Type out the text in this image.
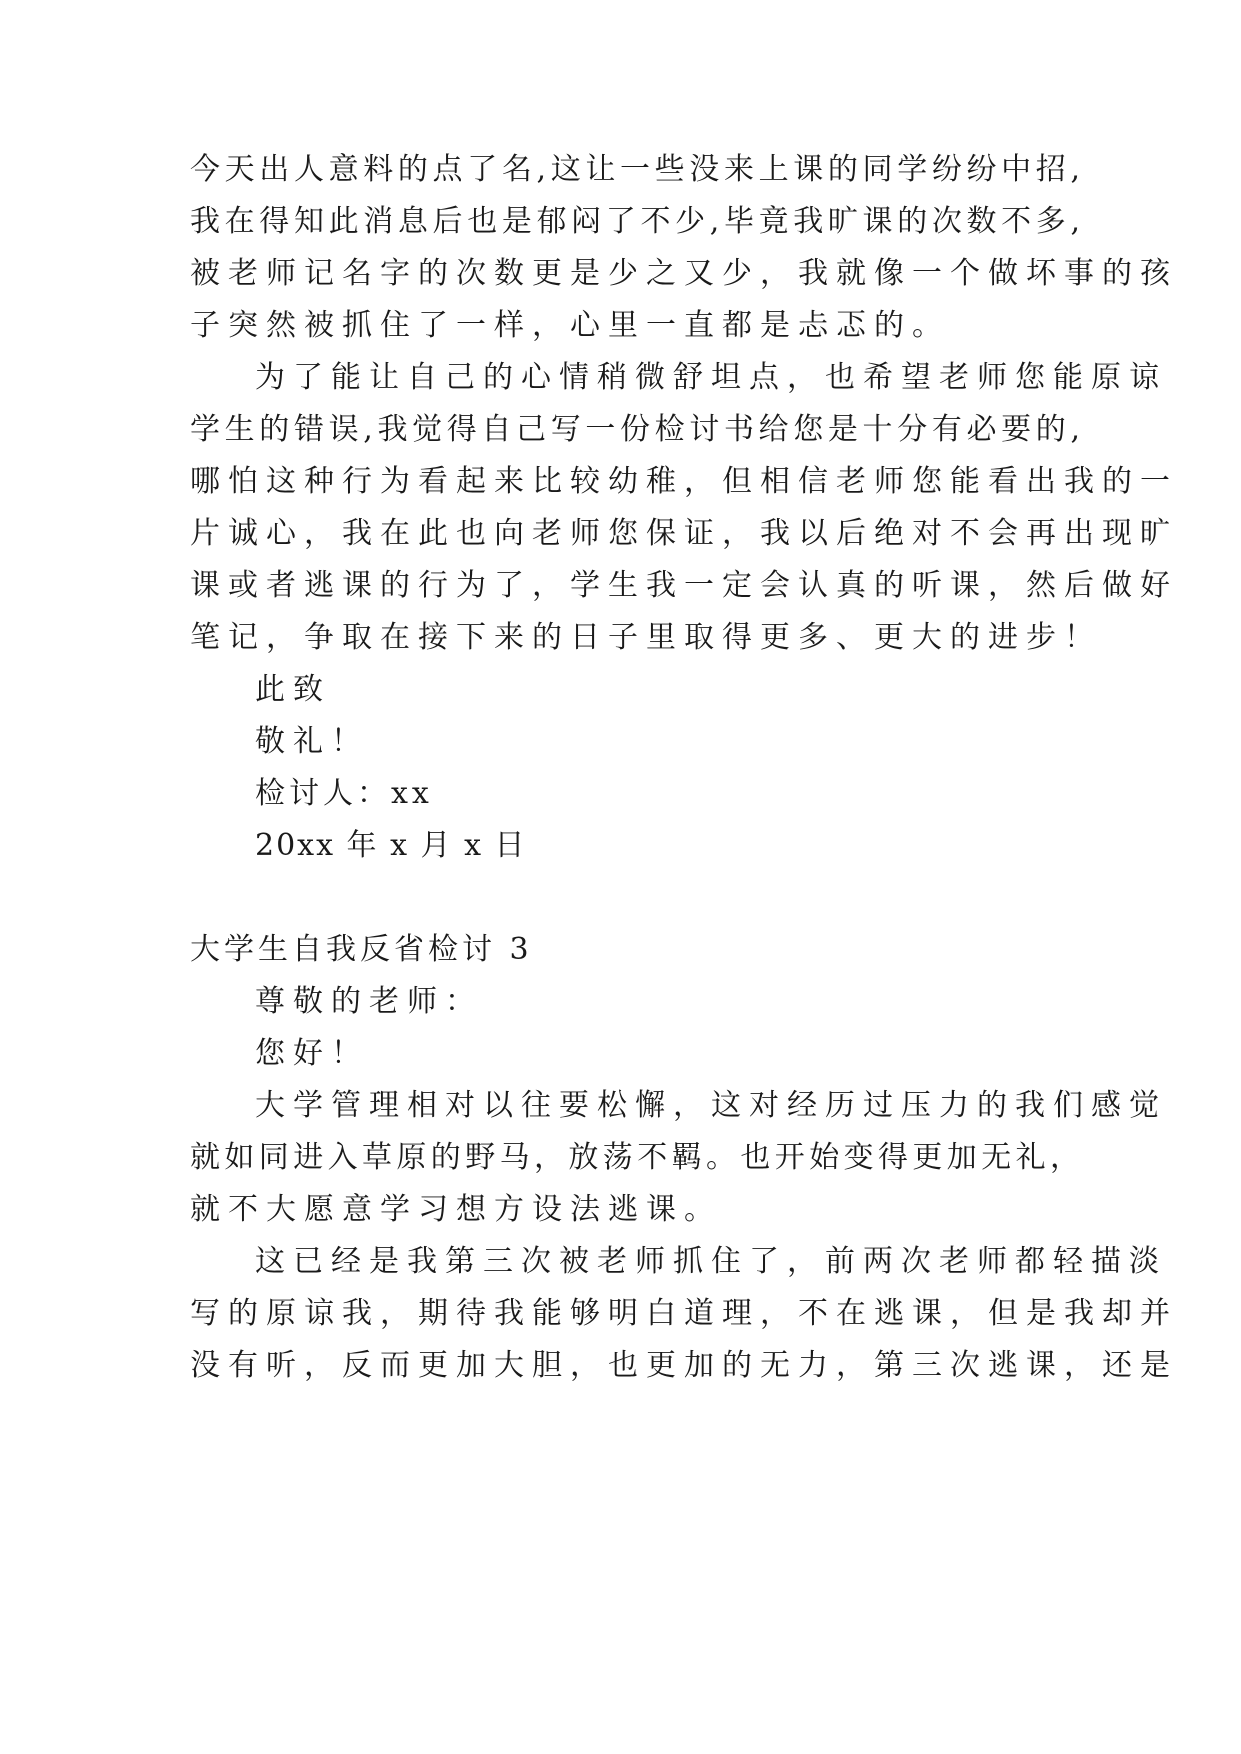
今天出人意料的点了名,这让一些没来上课的同学纷纷中招,
我在得知此消息后也是郁闷了不少,毕竟我旷课的次数不多,
被老师记名字的次数更是少之又少，我就像一个做坏事的孩
子突然被抓住了一样，心里一直都是忐忑的。
为了能让自己的心情稍微舒坦点，也希望老师您能原谅
学生的错误,我觉得自己写一份检讨书给您是十分有必要的,
哪怕这种行为看起来比较幼稚，但相信老师您能看出我的一
片诚心，我在此也向老师您保证，我以后绝对不会再出现旷
课或者逃课的行为了，学生我一定会认真的听课，然后做好
笔记，争取在接下来的日子里取得更多、更大的进步！
此致
敬礼！
检讨人：xx
20xx 年 x 月 x 日
大学生自我反省检讨 3
尊敬的老师：
您好！
大学管理相对以往要松懈，这对经历过压力的我们感觉
就如同进入草原的野马，放荡不羁。也开始变得更加无礼，
就不大愿意学习想方设法逃课。
这已经是我第三次被老师抓住了，前两次老师都轻描淡
写的原谅我，期待我能够明白道理，不在逃课，但是我却并
没有听，反而更加大胆，也更加的无力，第三次逃课，还是
